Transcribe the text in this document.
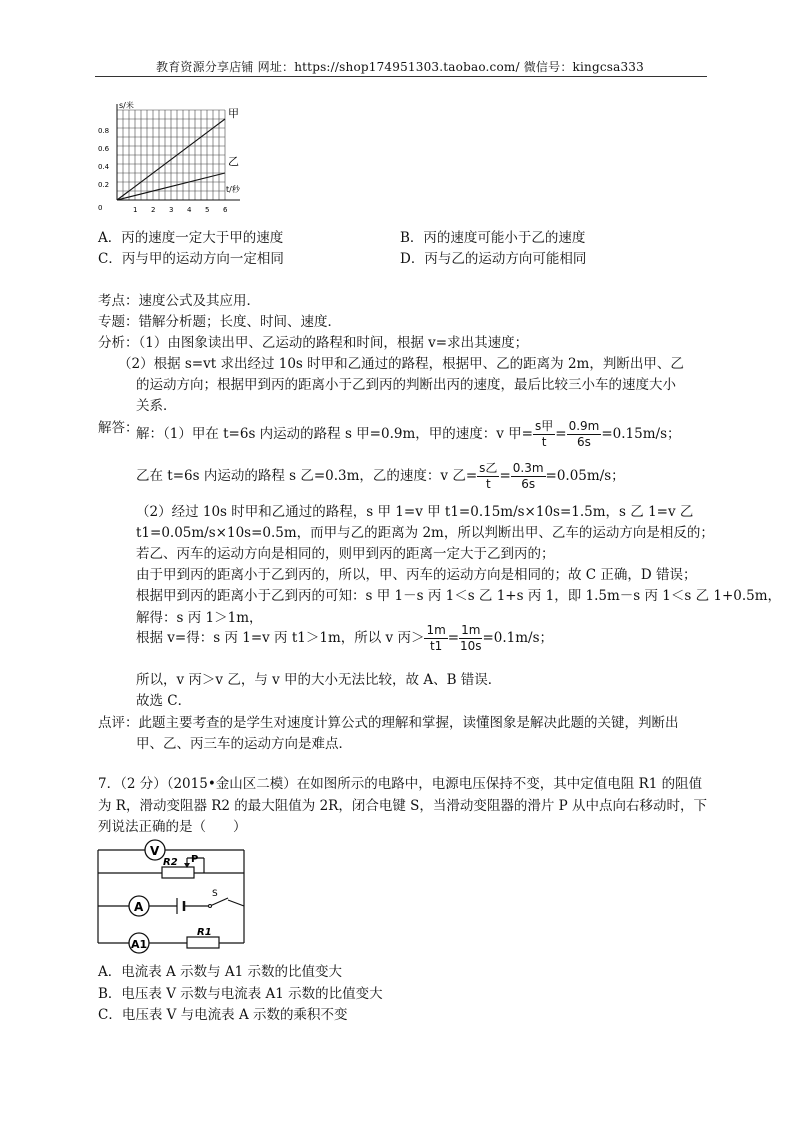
教育资源分享店铺 网址：https://shop174951303.taobao.com/ 微信号：kingcsa333
s/米
t/秒
0.8
0.6
0.4
0.2
0	1 2 3 4 5 6
甲
乙
A．丙的速度一定大于甲的速度	B．丙的速度可能小于乙的速度
C．丙与甲的运动方向一定相同	D．丙与乙的运动方向可能相同
考点：速度公式及其应用．
专题：错解分析题；长度、时间、速度．
分析：（1）由图象读出甲、乙运动的路程和时间，根据 v=求出其速度；
（2）根据 s=vt 求出经过 10s 时甲和乙通过的路程，根据甲、乙的距离为 2m，判断出甲、乙
的运动方向；根据甲到丙的距离小于乙到丙的判断出丙的速度，最后比较三小车的速度大小
关系．
解答：
解：（1）甲在 t=6s 内运动的路程 s 甲=0.9m，甲的速度：v 甲= $\frac{\text{s甲}}{t} = \frac{0.9m}{6s} =0.15m/s$；
乙在 t=6s 内运动的路程 s 乙=0.3m，乙的速度：v 乙= $\frac{\text{s乙}}{t} = \frac{0.3m}{6s} =0.05m/s$；
（2）经过 10s 时甲和乙通过的路程，s 甲 1=v 甲 t1=0.15m/s×10s=1.5m，s 乙 1=v 乙
t1=0.05m/s×10s=0.5m，而甲与乙的距离为 2m，所以判断出甲、乙车的运动方向是相反的；
若乙、丙车的运动方向是相同的，则甲到丙的距离一定大于乙到丙的；
由于甲到丙的距离小于乙到丙的，所以，甲、丙车的运动方向是相同的；故 C 正确，D 错误；
根据甲到丙的距离小于乙到丙的可知：s 甲 1－s 丙 1＜s 乙 1+s 丙 1，即 1.5m－s 丙 1＜s 乙 1+0.5m，
解得：s 丙 1＞1m，
根据 v=得：s 丙 1=v 丙 t1＞1m，所以 v 丙＞ $\frac{1m}{t1} = \frac{1m}{10s} =0.1m/s$；
所以，v 丙＞v 乙，与 v 甲的大小无法比较，故 A、B 错误．
故选 C．
点评：此题主要考查的是学生对速度计算公式的理解和掌握，读懂图象是解决此题的关键，判断出
甲、乙、丙三车的运动方向是难点．
7．（2 分）（2015•金山区二模）在如图所示的电路中，电源电压保持不变，其中定值电阻 R1 的阻值
为 R，滑动变阻器 R2 的最大阻值为 2R，闭合电键 S，当滑动变阻器的滑片 P 从中点向右移动时，下
列说法正确的是（　　）
V
A
A1
R2 P
S
R1
A．电流表 A 示数与 A1 示数的比值变大
B．电压表 V 示数与电流表 A1 示数的比值变大
C．电压表 V 与电流表 A 示数的乘积不变
